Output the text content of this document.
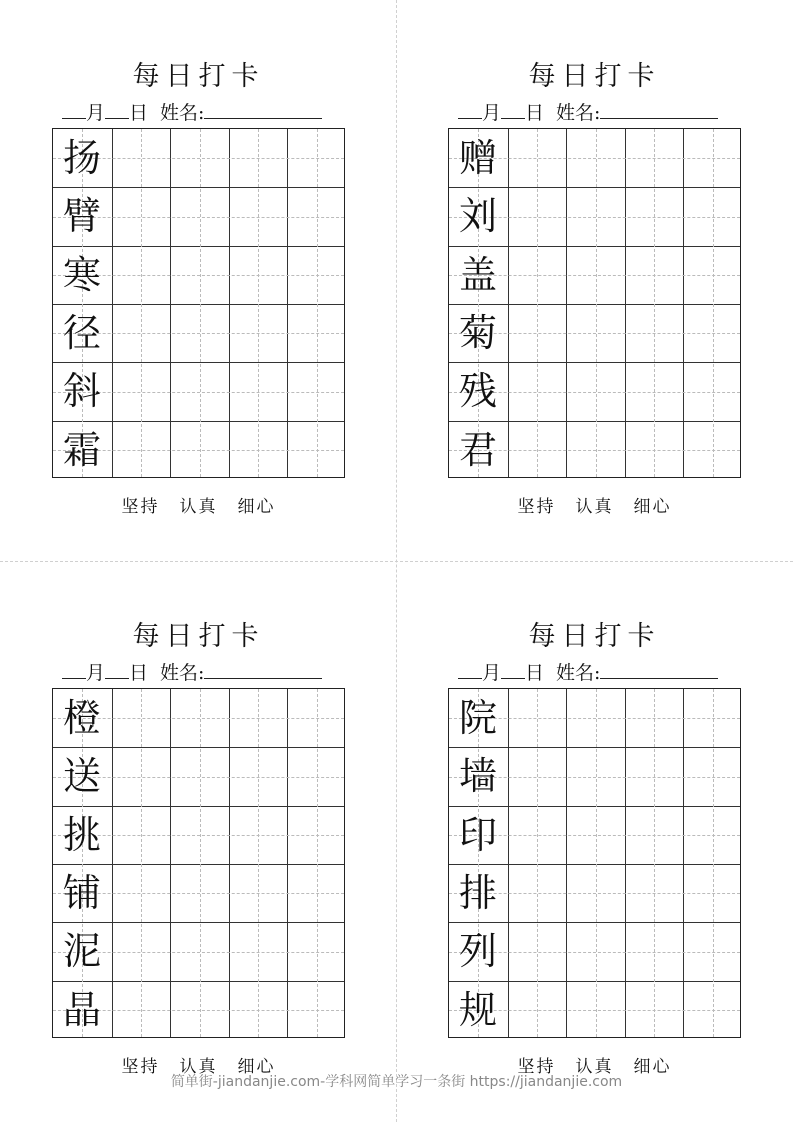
每日打卡
月 日 姓名:
扬
臂
寒
径
斜
霜
坚持 认真 细心
每日打卡
月 日 姓名:
赠
刘
盖
菊
残
君
坚持 认真 细心
每日打卡
月 日 姓名:
橙
送
挑
铺
泥
晶
坚持 认真 细心
每日打卡
月 日 姓名:
院
墙
印
排
列
规
坚持 认真 细心
简单街-jiandanjie.com-学科网简单学习一条街 https://jiandanjie.com
